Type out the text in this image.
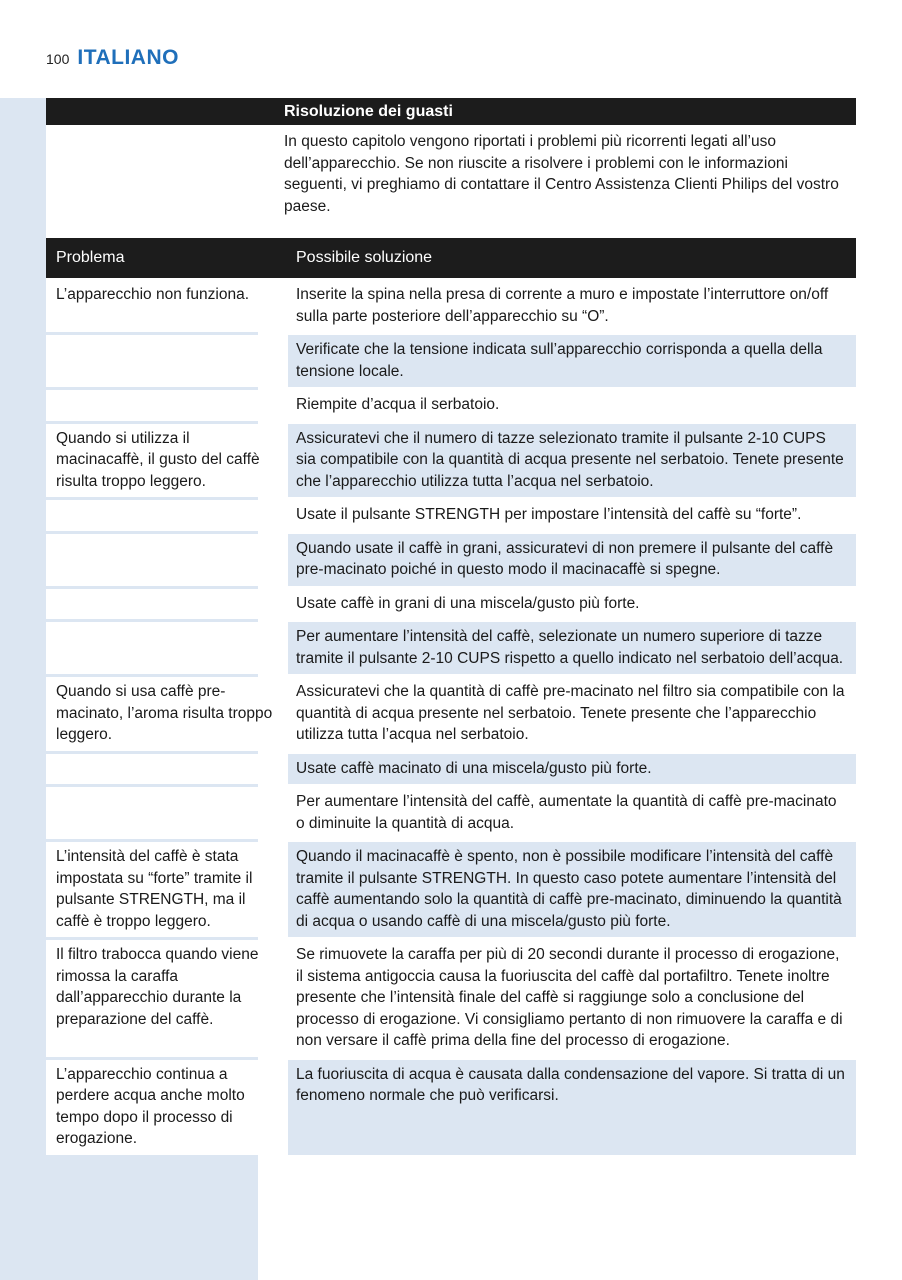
100 ITALIANO
Risoluzione dei guasti
In questo capitolo vengono riportati i problemi più ricorrenti legati all’uso dell’apparecchio. Se non riuscite a risolvere i problemi con le informazioni seguenti, vi preghiamo di contattare il Centro Assistenza Clienti Philips del vostro paese.
Problema	Possibile soluzione
L’apparecchio non funziona.	Inserite la spina nella presa di corrente a muro e impostate l’interruttore on/off sulla parte posteriore dell’apparecchio su “O”.
Verificate che la tensione indicata sull’apparecchio corrisponda a quella della tensione locale.
Riempite d’acqua il serbatoio.
Quando si utilizza il macinacaffè, il gusto del caffè risulta troppo leggero.
Assicuratevi che il numero di tazze selezionato tramite il pulsante 2-10 CUPS sia compatibile con la quantità di acqua presente nel serbatoio. Tenete presente che l’apparecchio utilizza tutta l’acqua nel serbatoio.
Usate il pulsante STRENGTH per impostare l’intensità del caffè su “forte”.
Quando usate il caffè in grani, assicuratevi di non premere il pulsante del caffè pre-macinato poiché in questo modo il macinacaffè si spegne.
Usate caffè in grani di una miscela/gusto più forte.
Per aumentare l’intensità del caffè, selezionate un numero superiore di tazze tramite il pulsante 2-10 CUPS rispetto a quello indicato nel serbatoio dell’acqua.
Quando si usa caffè pre-macinato, l’aroma risulta troppo leggero.
Assicuratevi che la quantità di caffè pre-macinato nel filtro sia compatibile con la quantità di acqua presente nel serbatoio. Tenete presente che l’apparecchio utilizza tutta l’acqua nel serbatoio.
Usate caffè macinato di una miscela/gusto più forte.
Per aumentare l’intensità del caffè, aumentate la quantità di caffè pre-macinato o diminuite la quantità di acqua.
L’intensità del caffè è stata impostata su “forte” tramite il pulsante STRENGTH, ma il caffè è troppo leggero.
Quando il macinacaffè è spento, non è possibile modificare l’intensità del caffè tramite il pulsante STRENGTH. In questo caso potete aumentare l’intensità del caffè aumentando solo la quantità di caffè pre-macinato, diminuendo la quantità di acqua o usando caffè di una miscela/gusto più forte.
Il filtro trabocca quando viene rimossa la caraffa dall’apparecchio durante la preparazione del caffè.
Se rimuovete la caraffa per più di 20 secondi durante il processo di erogazione, il sistema antigoccia causa la fuoriuscita del caffè dal portafiltro. Tenete inoltre presente che l’intensità finale del caffè si raggiunge solo a conclusione del processo di erogazione. Vi consigliamo pertanto di non rimuovere la caraffa e di non versare il caffè prima della fine del processo di erogazione.
L’apparecchio continua a perdere acqua anche molto tempo dopo il processo di erogazione.
La fuoriuscita di acqua è causata dalla condensazione del vapore. Si tratta di un fenomeno normale che può verificarsi.
Baidu经验
jingyan.baidu.com
